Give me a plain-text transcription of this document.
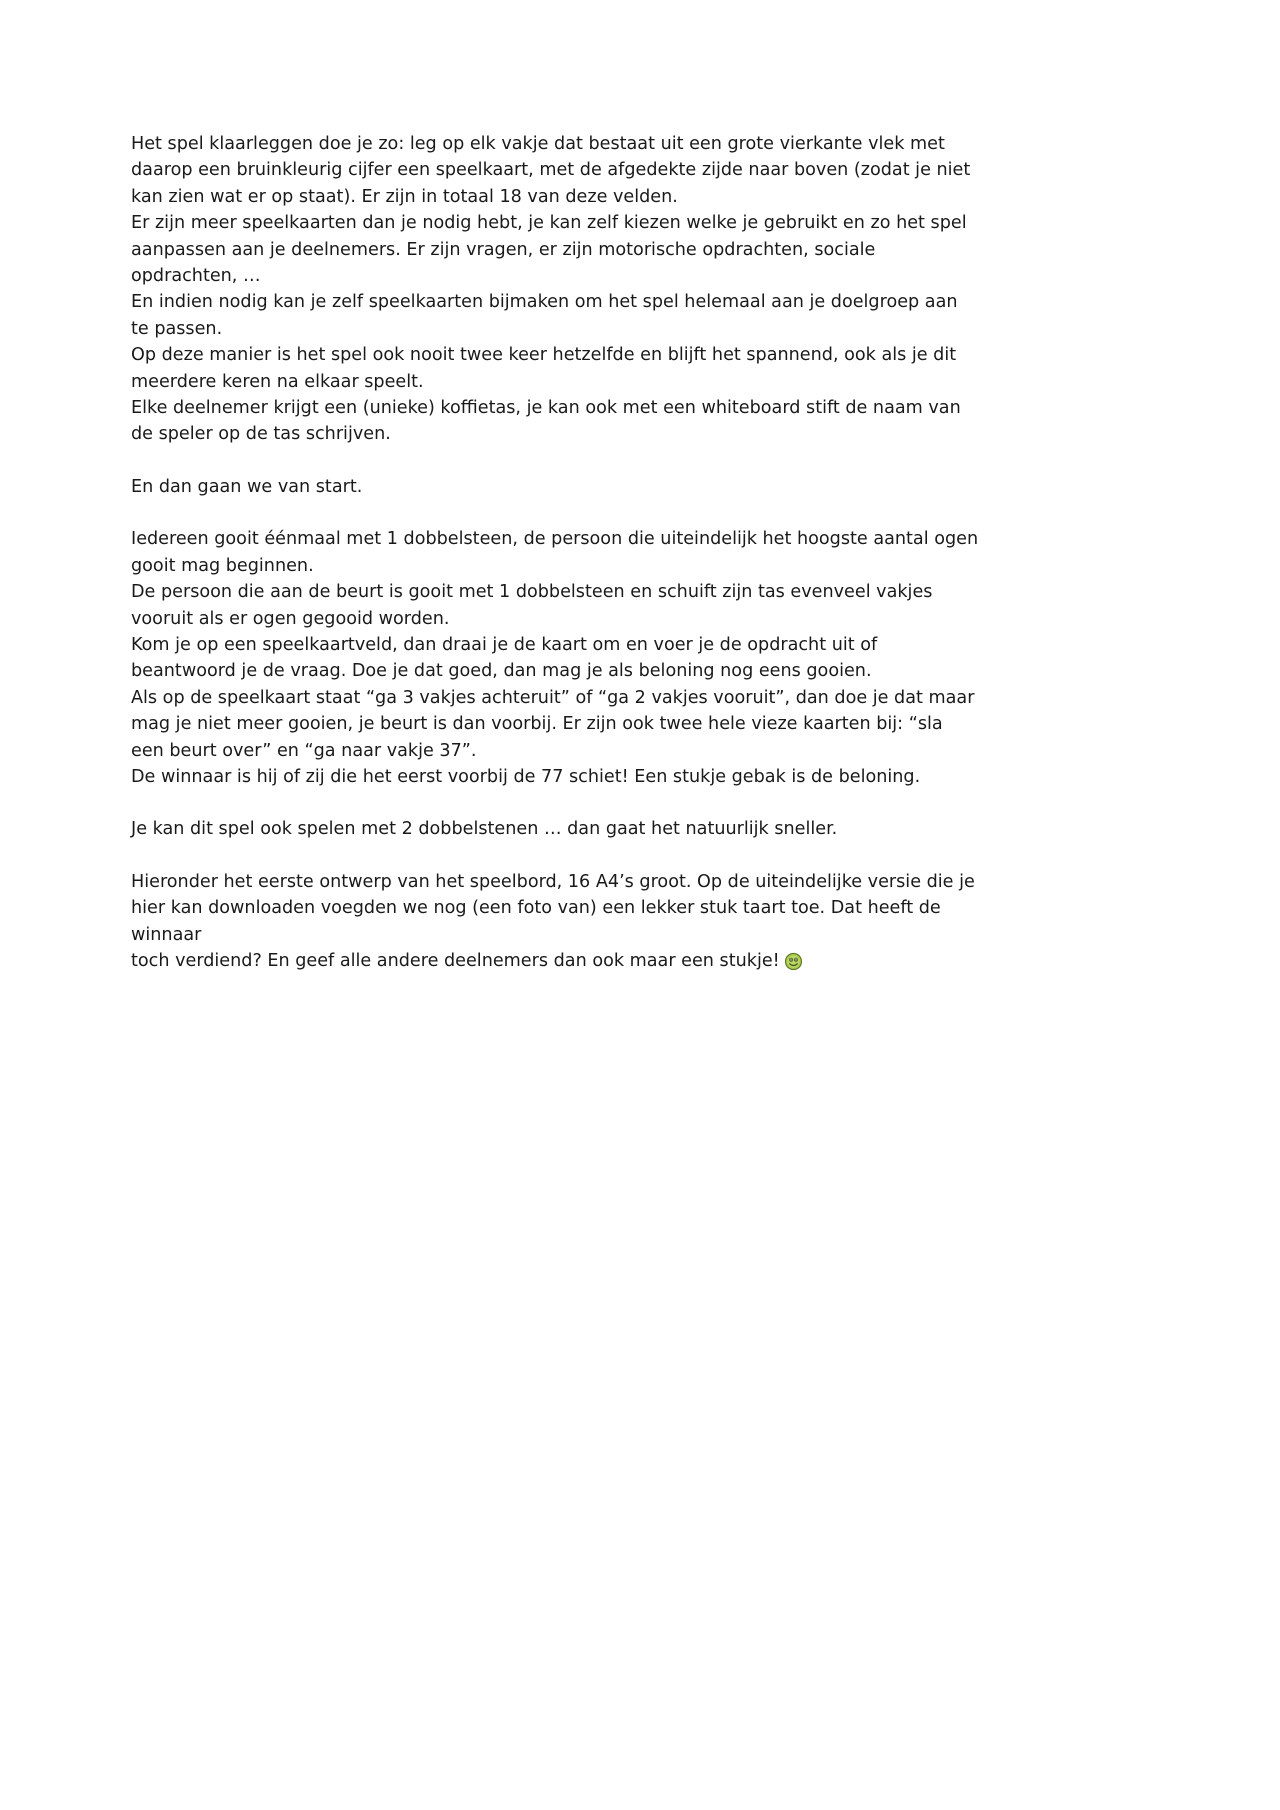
Het spel klaarleggen doe je zo: leg op elk vakje dat bestaat uit een grote vierkante vlek met daarop een bruinkleurig cijfer een speelkaart, met de afgedekte zijde naar boven (zodat je niet kan zien wat er op staat). Er zijn in totaal 18 van deze velden.

Er zijn meer speelkaarten dan je nodig hebt, je kan zelf kiezen welke je gebruikt en zo het spel aanpassen aan je deelnemers. Er zijn vragen, er zijn motorische opdrachten, sociale opdrachten, …

En indien nodig kan je zelf speelkaarten bijmaken om het spel helemaal aan je doelgroep aan te passen.

Op deze manier is het spel ook nooit twee keer hetzelfde en blijft het spannend, ook als je dit meerdere keren na elkaar speelt.

Elke deelnemer krijgt een (unieke) koffietas, je kan ook met een whiteboard stift de naam van de speler op de tas schrijven.

En dan gaan we van start.

Iedereen gooit éénmaal met 1 dobbelsteen, de persoon die uiteindelijk het hoogste aantal ogen gooit mag beginnen.

De persoon die aan de beurt is gooit met 1 dobbelsteen en schuift zijn tas evenveel vakjes vooruit als er ogen gegooid worden.

Kom je op een speelkaartveld, dan draai je de kaart om en voer je de opdracht uit of beantwoord je de vraag. Doe je dat goed, dan mag je als beloning nog eens gooien.

Als op de speelkaart staat “ga 3 vakjes achteruit” of “ga 2 vakjes vooruit”, dan doe je dat maar mag je niet meer gooien, je beurt is dan voorbij. Er zijn ook twee hele vieze kaarten bij: “sla een beurt over” en “ga naar vakje 37”.

De winnaar is hij of zij die het eerst voorbij de 77 schiet! Een stukje gebak is de beloning.

Je kan dit spel ook spelen met 2 dobbelstenen … dan gaat het natuurlijk sneller.

Hieronder het eerste ontwerp van het speelbord, 16 A4’s groot. Op de uiteindelijke versie die je hier kan downloaden voegden we nog (een foto van) een lekker stuk taart toe. Dat heeft de winnaar

toch verdiend? En geef alle andere deelnemers dan ook maar een stukje!
